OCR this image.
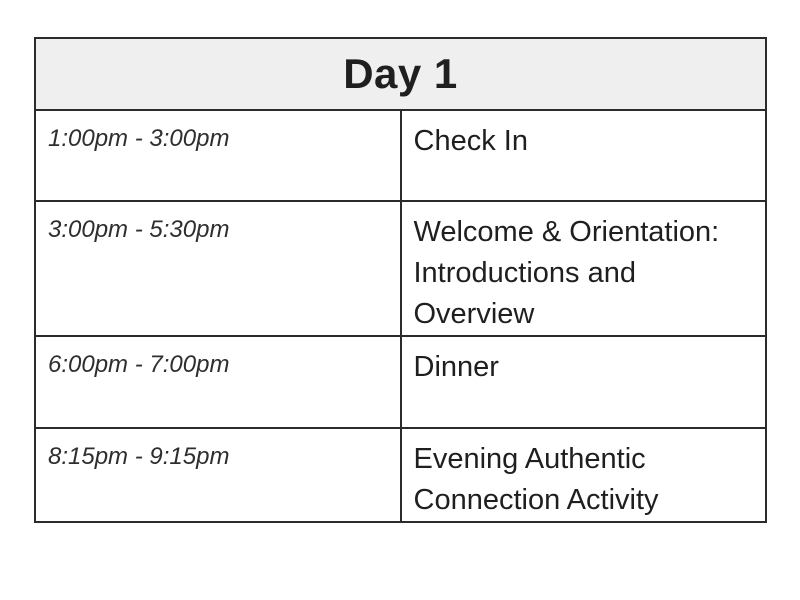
Day 1	
1:00pm - 3:00pm	Check In
3:00pm - 5:30pm	Welcome & Orientation: Introductions and Overview
6:00pm - 7:00pm	Dinner
8:15pm - 9:15pm	Evening Authentic Connection Activity
